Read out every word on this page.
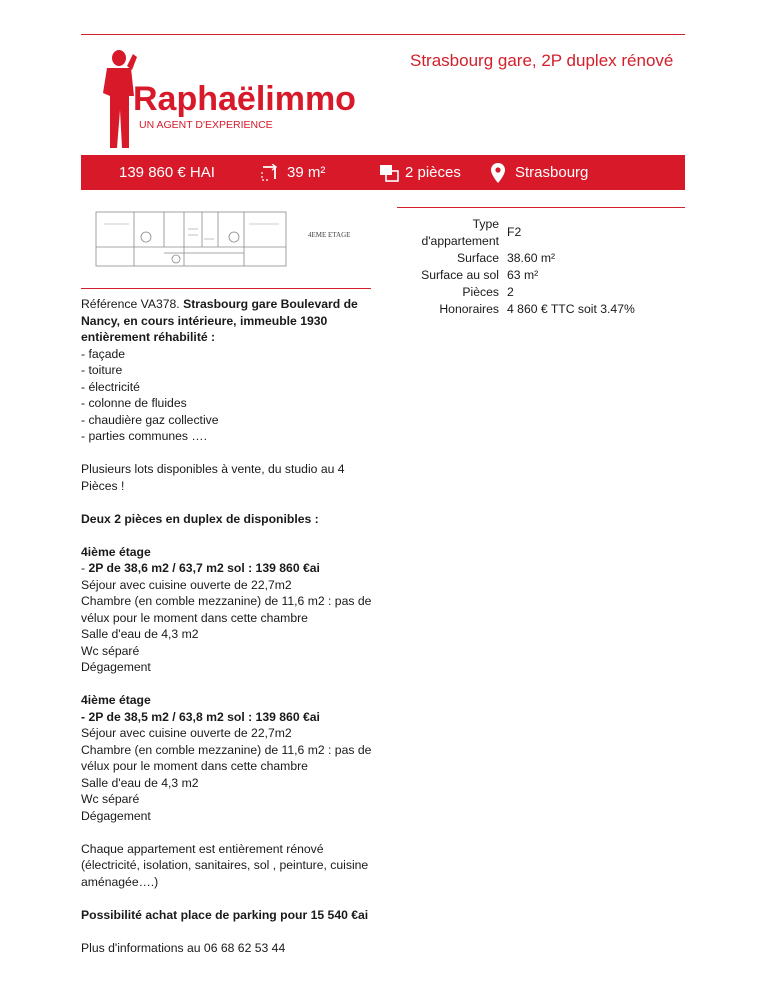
Raphaëlimmo
UN AGENT D'EXPERIENCE
Strasbourg gare, 2P duplex rénové
139 860 € HAI	39 m²	2 pièces	Strasbourg
4EME ETAGE
Type d'appartement
F2
Surface 38.60 m²
Surface au sol 63 m²
Pièces 2
Honoraires 4 860 € TTC soit 3.47%

Référence VA378. Strasbourg gare Boulevard de Nancy, en cours intérieure, immeuble 1930 entièrement réhabilité :
- façade
- toiture
- électricité
- colonne de fluides
- chaudière gaz collective
- parties communes ….

Plusieurs lots disponibles à vente, du studio au 4 Pièces !

Deux 2 pièces en duplex de disponibles :

4ième étage
- 2P de 38,6 m2 / 63,7 m2 sol : 139 860 €ai
Séjour avec cuisine ouverte de 22,7m2
Chambre (en comble mezzanine) de 11,6 m2 : pas de vélux pour le moment dans cette chambre
Salle d'eau de 4,3 m2
Wc séparé
Dégagement

4ième étage
- 2P de 38,5 m2 / 63,8 m2 sol : 139 860 €ai
Séjour avec cuisine ouverte de 22,7m2
Chambre (en comble mezzanine) de 11,6 m2 : pas de vélux pour le moment dans cette chambre
Salle d'eau de 4,3 m2
Wc séparé
Dégagement

Chaque appartement est entièrement rénové (électricité, isolation, sanitaires, sol , peinture, cuisine aménagée….)

Possibilité achat place de parking pour 15 540 €ai

Plus d'informations au 06 68 62 53 44
